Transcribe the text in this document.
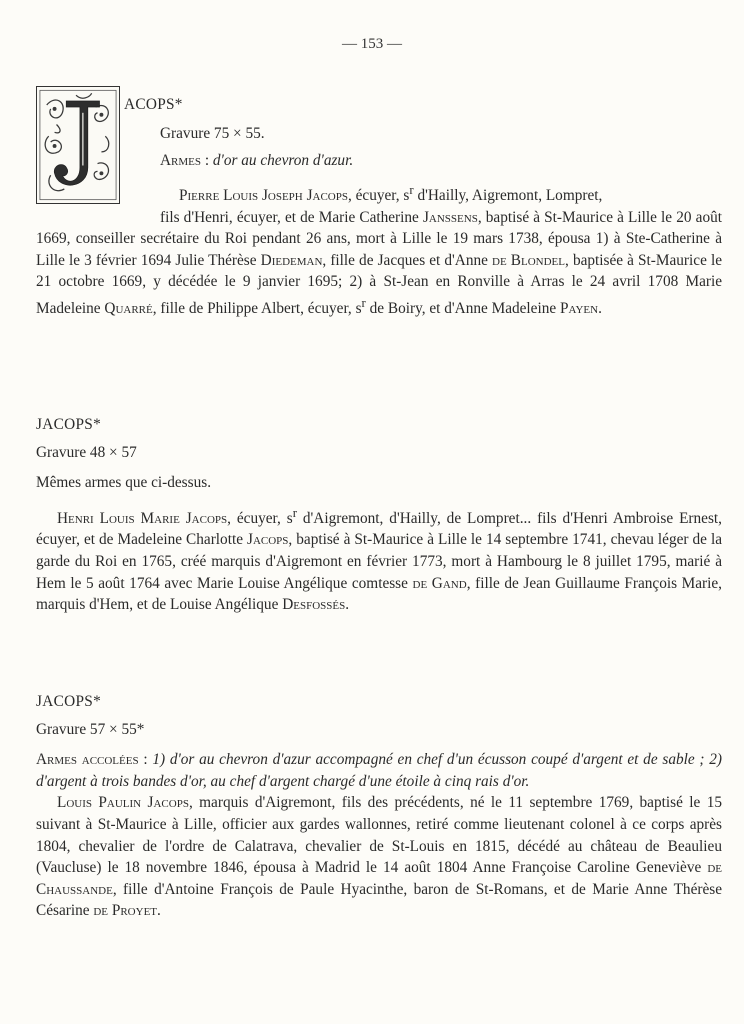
— 153 —
ACOPS*
Gravure 75 × 55.
Armes : d'or au chevron d'azur.
Pierre Louis Joseph Jacops, écuyer, $s^r$ d'Hailly, Aigremont, Lompret,

fils d'Henri, écuyer, et de Marie Catherine Janssens, baptisé à St-Maurice à Lille le 20 août 1669, conseiller secrétaire du Roi pendant 26 ans, mort à Lille le 19 mars 1738, épousa 1) à Ste-Catherine à Lille le 3 février 1694 Julie Thérèse Diedeman, fille de Jacques et d'Anne de Blondel, baptisée à St-Maurice le 21 octobre 1669, y décédée le 9 janvier 1695; 2) à St-Jean en Ronville à Arras le 24 avril 1708 Marie Madeleine Quarré, fille de Philippe Albert, écuyer, $s^r$ de Boiry, et d'Anne Madeleine Payen.

JACOPS*
Gravure 48 × 57
Mêmes armes que ci-dessus.

Henri Louis Marie Jacops, écuyer, $s^r$ d'Aigremont, d'Hailly, de Lompret... fils d'Henri Ambroise Ernest, écuyer, et de Madeleine Charlotte Jacops, baptisé à St-Maurice à Lille le 14 septembre 1741, chevau léger de la garde du Roi en 1765, créé marquis d'Aigremont en février 1773, mort à Hambourg le 8 juillet 1795, marié à Hem le 5 août 1764 avec Marie Louise Angélique comtesse de Gand, fille de Jean Guillaume François Marie, marquis d'Hem, et de Louise Angélique Desfossés.

JACOPS*
Gravure 57 × 55*

Armes accolées : 1) d'or au chevron d'azur accompagné en chef d'un écusson coupé d'argent et de sable ; 2) d'argent à trois bandes d'or, au chef d'argent chargé d'une étoile à cinq rais d'or.

Louis Paulin Jacops, marquis d'Aigremont, fils des précédents, né le 11 septembre 1769, baptisé le 15 suivant à St-Maurice à Lille, officier aux gardes wallonnes, retiré comme lieutenant colonel à ce corps après 1804, chevalier de l'ordre de Calatrava, chevalier de St-Louis en 1815, décédé au château de Beaulieu (Vaucluse) le 18 novembre 1846, épousa à Madrid le 14 août 1804 Anne Françoise Caroline Geneviève de Chaussande, fille d'Antoine François de Paule Hyacinthe, baron de St-Romans, et de Marie Anne Thérèse Césarine de Proyet.
